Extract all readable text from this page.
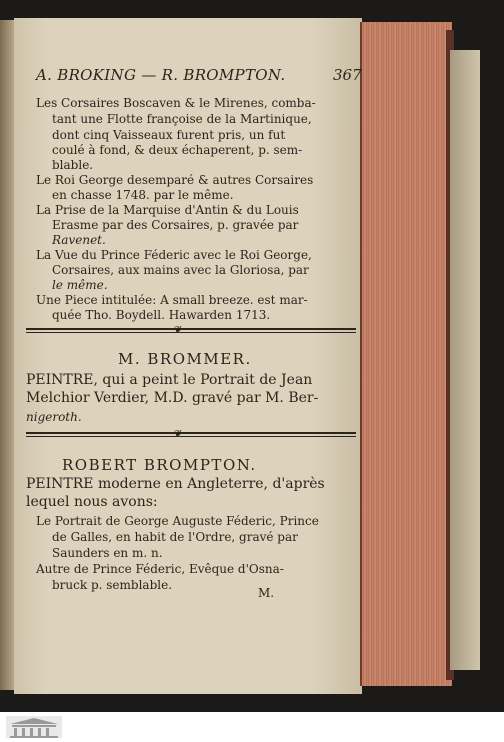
A. BROKING — R. BROMPTON.	367
Les Corsaires Boscaven & le Mirenes, comba-
tant une Flotte françoise de la Martinique,
dont cinq Vaisseaux furent pris, un fut
coulé à fond, & deux échaperent, p. sem-
blable.
Le Roi George desemparé & autres Corsaires
en chasse 1748. par le même.
La Prise de la Marquise d'Antin & du Louis
Erasme par des Corsaires, p. gravée par
Ravenet.
La Vue du Prince Féderic avec le Roi George,
Corsaires, aux mains avec la Gloriosa, par
le même.
Une Piece intitulée: A small breeze. est mar-
quée Tho. Boydell. Hawarden 1713.
❦
M. BROMMER.
PEINTRE, qui a peint le Portrait de Jean
Melchior Verdier, M.D. gravé par M. Ber-
nigeroth.
❦
ROBERT BROMPTON.
PEINTRE moderne en Angleterre, d'après
lequel nous avons:
Le Portrait de George Auguste Féderic, Prince
de Galles, en habit de l'Ordre, gravé par
Saunders en m. n.
Autre de Prince Féderic, Evêque d'Osna-
bruck p. semblable.
M.
